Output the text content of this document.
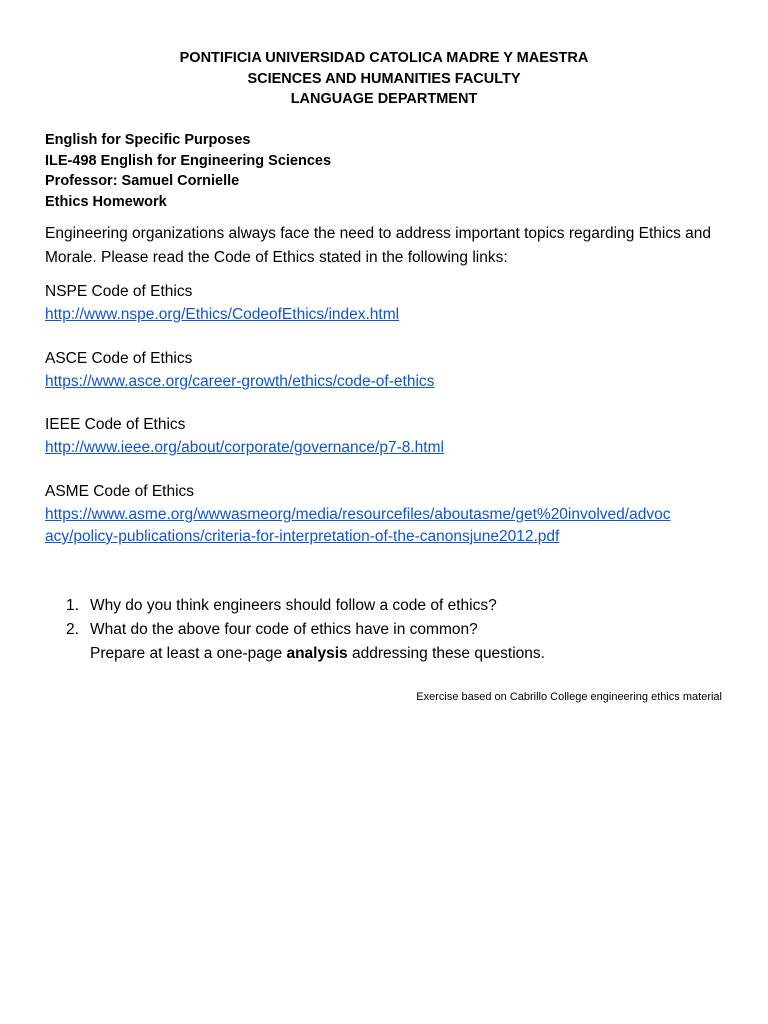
PONTIFICIA UNIVERSIDAD CATOLICA MADRE Y MAESTRA
SCIENCES AND HUMANITIES FACULTY
LANGUAGE DEPARTMENT
English for Specific Purposes
ILE-498 English for Engineering Sciences
Professor: Samuel Cornielle
Ethics Homework
Engineering organizations always face the need to address important topics regarding Ethics and Morale. Please read the Code of Ethics stated in the following links:
NSPE Code of Ethics
http://www.nspe.org/Ethics/CodeofEthics/index.html
ASCE Code of Ethics
https://www.asce.org/career-growth/ethics/code-of-ethics
IEEE Code of Ethics
http://www.ieee.org/about/corporate/governance/p7-8.html
ASME Code of Ethics
https://www.asme.org/wwwasmeorg/media/resourcefiles/aboutasme/get%20involved/advoc
acy/policy-publications/criteria-for-interpretation-of-the-canonsjune2012.pdf
1. Why do you think engineers should follow a code of ethics?
2. What do the above four code of ethics have in common?
Prepare at least a one-page analysis addressing these questions.
Exercise based on Cabrillo College engineering ethics material
